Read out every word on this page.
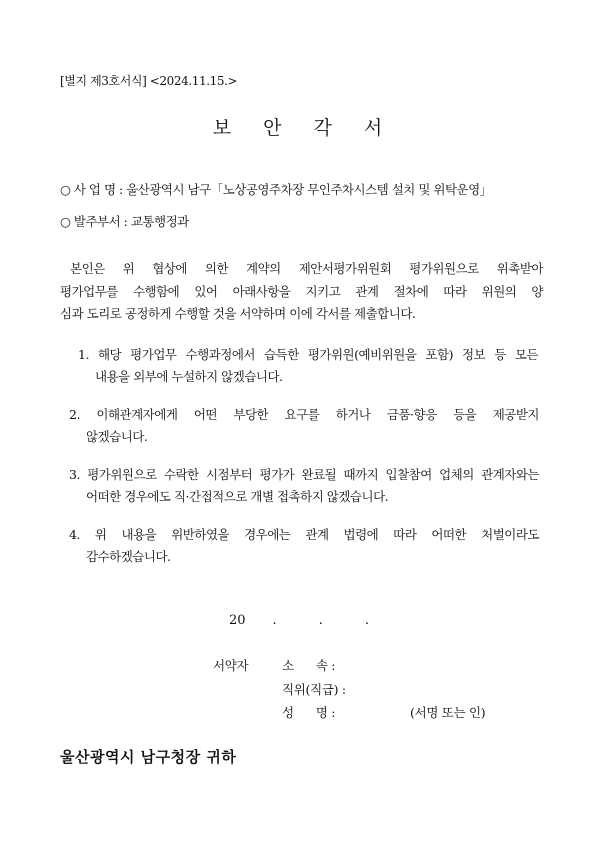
[별지 제3호서식] <2024.11.15.>
보 안 각 서
○ 사 업 명 : 울산광역시 남구「노상공영주차장 무인주차시스템 설치 및 위탁운영」
○ 발주부서 : 교통행정과
본인은 위 협상에 의한 계약의 제안서평가위원회 평가위원으로 위촉받아
평가업무를 수행함에 있어 아래사항을 지키고 관계 절차에 따라 위원의 양
심과 도리로 공정하게 수행할 것을 서약하며 이에 각서를 제출합니다.
1. 해당 평가업무 수행과정에서 습득한 평가위원(예비위원을 포함) 정보 등 모든
내용을 외부에 누설하지 않겠습니다.
2. 이해관계자에게 어떤 부당한 요구를 하거나 금품·향응 등을 제공받지
않겠습니다.
3. 평가위원으로 수락한 시점부터 평가가 완료될 때까지 입찰참여 업체의 관계자와는
어떠한 경우에도 직·간접적으로 개별 접촉하지 않겠습니다.
4. 위 내용을 위반하였을 경우에는 관계 법령에 따라 어떠한 처벌이라도
감수하겠습니다.
20 .	.	.
서약자	소      속 :
직위(직급) :
성      명 :	(서명 또는 인)
울산광역시 남구청장 귀하
